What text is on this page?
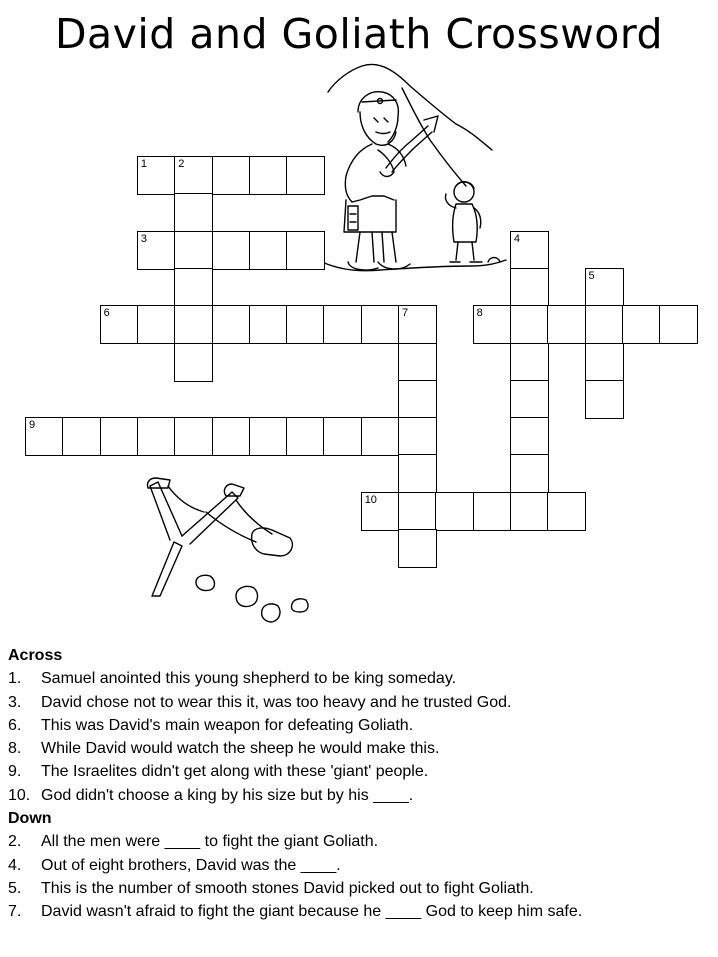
David and Goliath Crossword
1	2
3	4
5
6	7	8
9
10
Across
1.	Samuel anointed this young shepherd to be king someday.
3.	David chose not to wear this it, was too heavy and he trusted God.
6.	This was David's main weapon for defeating Goliath.
8.	While David would watch the sheep he would make this.
9.	The Israelites didn't get along with these 'giant' people.
10. God didn't choose a king by his size but by his ____.
Down
2.	All the men were ____ to fight the giant Goliath.
4.	Out of eight brothers, David was the ____.
5.	This is the number of smooth stones David picked out to fight Goliath.
7.	David wasn't afraid to fight the giant because he ____ God to keep him safe.
